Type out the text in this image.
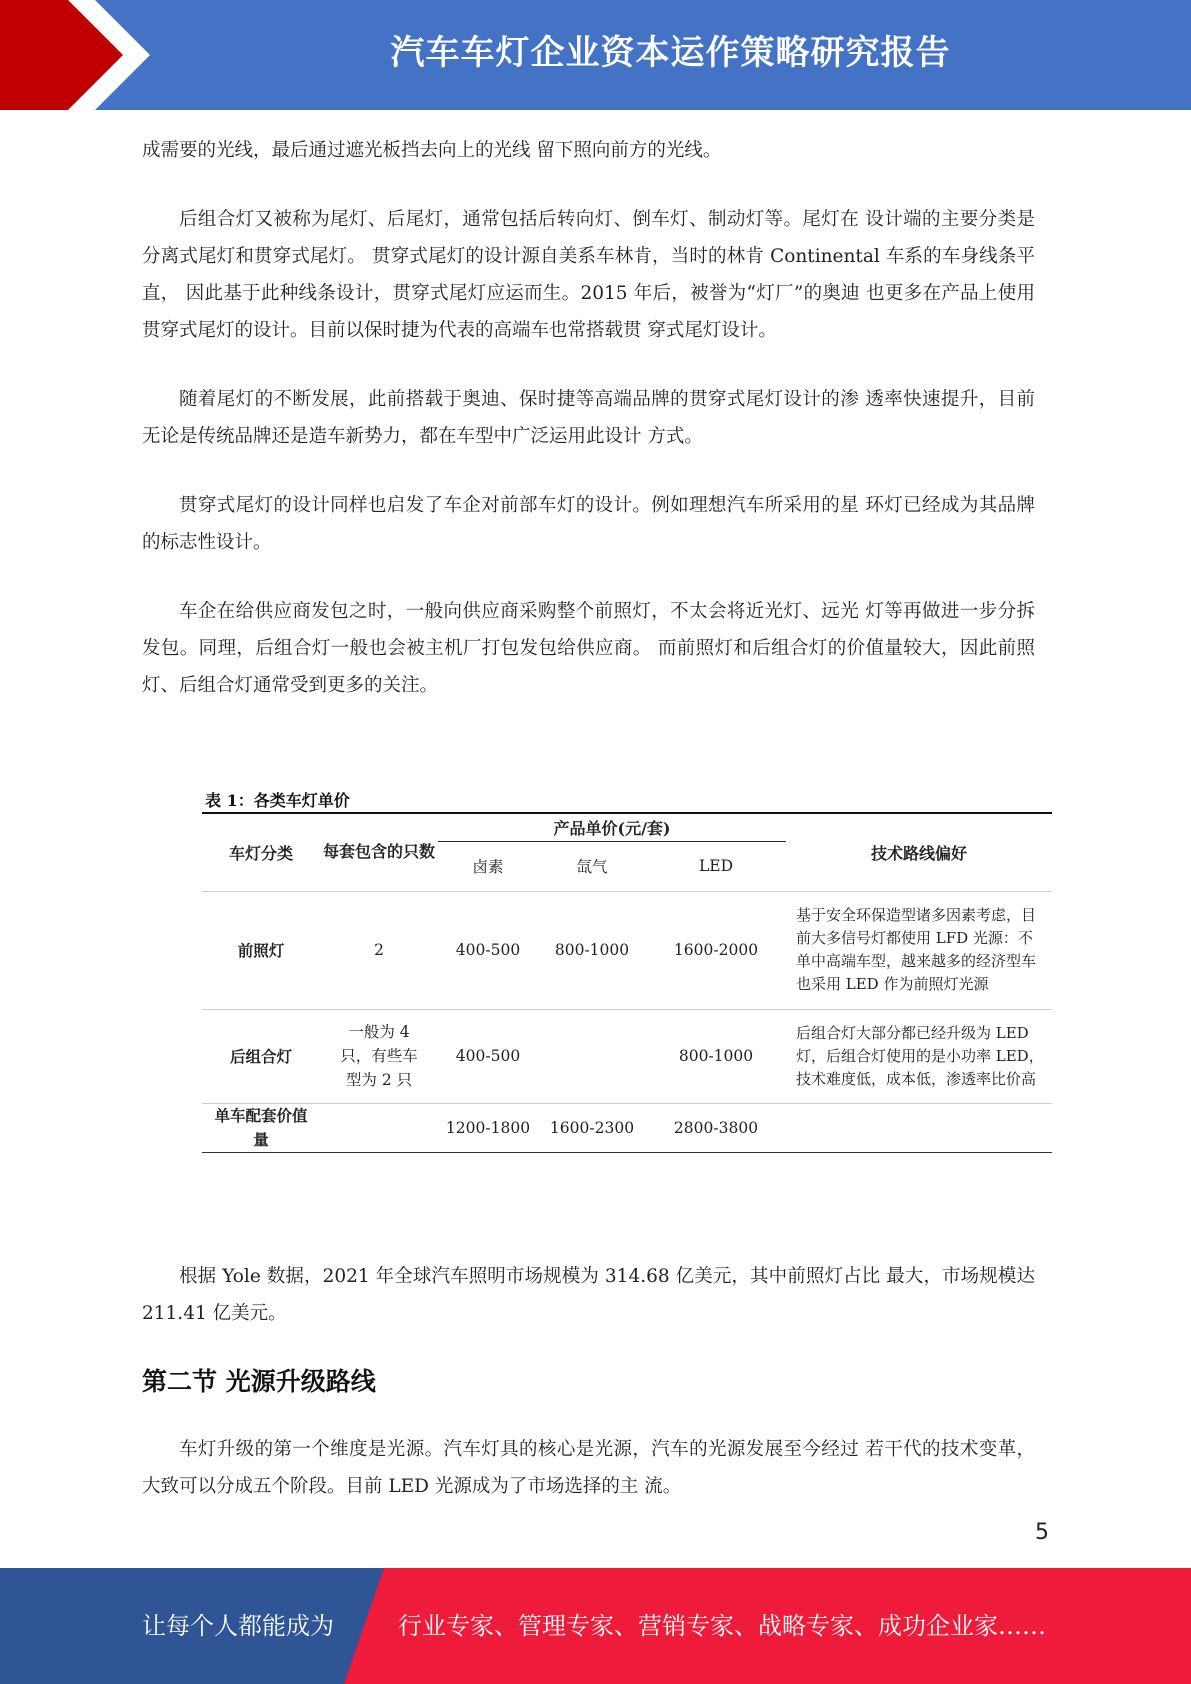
汽车车灯企业资本运作策略研究报告

成需要的光线，最后通过遮光板挡去向上的光线 留下照向前方的光线。

后组合灯又被称为尾灯、后尾灯，通常包括后转向灯、倒车灯、制动灯等。尾灯在 设计端的主要分类是分离式尾灯和贯穿式尾灯。 贯穿式尾灯的设计源自美系车林肯，当时的林肯 Continental 车系的车身线条平直， 因此基于此种线条设计，贯穿式尾灯应运而生。2015 年后，被誉为“灯厂”的奥迪 也更多在产品上使用贯穿式尾灯的设计。目前以保时捷为代表的高端车也常搭载贯 穿式尾灯设计。

随着尾灯的不断发展，此前搭载于奥迪、保时捷等高端品牌的贯穿式尾灯设计的渗 透率快速提升，目前无论是传统品牌还是造车新势力，都在车型中广泛运用此设计 方式。

贯穿式尾灯的设计同样也启发了车企对前部车灯的设计。例如理想汽车所采用的星 环灯已经成为其品牌的标志性设计。

车企在给供应商发包之时，一般向供应商采购整个前照灯，不太会将近光灯、远光 灯等再做进一步分拆发包。同理，后组合灯一般也会被主机厂打包发包给供应商。 而前照灯和后组合灯的价值量较大，因此前照灯、后组合灯通常受到更多的关注。

表 1：各类车灯单价
车灯分类	每套包含的只数	产品单价(元/套)			技术路线偏好
		卤素	氙气	LED	
前照灯	2	400-500	800-1000	1600-2000	基于安全环保造型诸多因素考虑，目前大多信号灯都使用 LFD 光源：不单中高端车型，越来越多的经济型车也采用 LED 作为前照灯光源
后组合灯	一般为 4 只，有些车型为 2 只	400-500		800-1000	后组合灯大部分都已经升级为 LED 灯，后组合灯使用的是小功率 LED，技术难度低，成本低，渗透率比价高
单车配套价值量		1200-1800	1600-2300	2800-3800	

根据 Yole 数据，2021 年全球汽车照明市场规模为 314.68 亿美元，其中前照灯占比 最大，市场规模达 211.41 亿美元。

第二节 光源升级路线

车灯升级的第一个维度是光源。汽车灯具的核心是光源，汽车的光源发展至今经过 若干代的技术变革，大致可以分成五个阶段。目前 LED 光源成为了市场选择的主 流。

5
让每个人都能成为	行业专家、管理专家、营销专家、战略专家、成功企业家……
